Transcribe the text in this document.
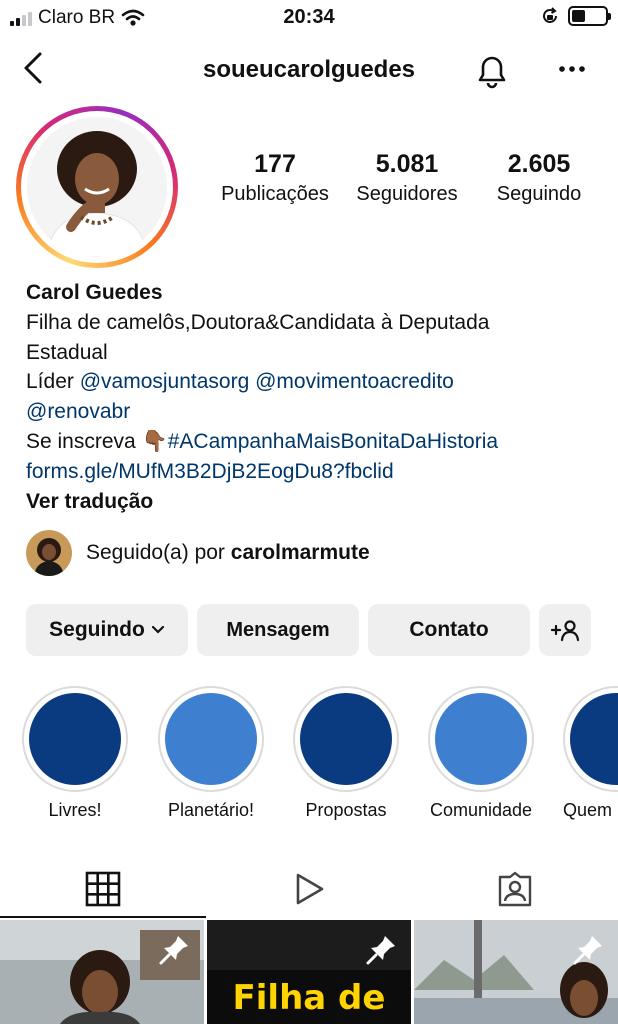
Claro BR	20:34
soueucarolguedes
177
Publicações
5.081
Seguidores
2.605
Seguindo
Carol Guedes
Filha de camelôs,Doutora&Candidata à Deputada
Estadual
Líder @vamosjuntasorg @movimentoacredito
@renovabr
Se inscreva 👇🏾#ACampanhaMaisBonitaDaHistoria
forms.gle/MUfM3B2DjB2EogDu8?fbclid
Ver tradução
Seguido(a) por carolmarmute
Seguindo	Mensagem	Contato
Livres!	Planetário!	Propostas	Comunidade	Quem
Filha de
